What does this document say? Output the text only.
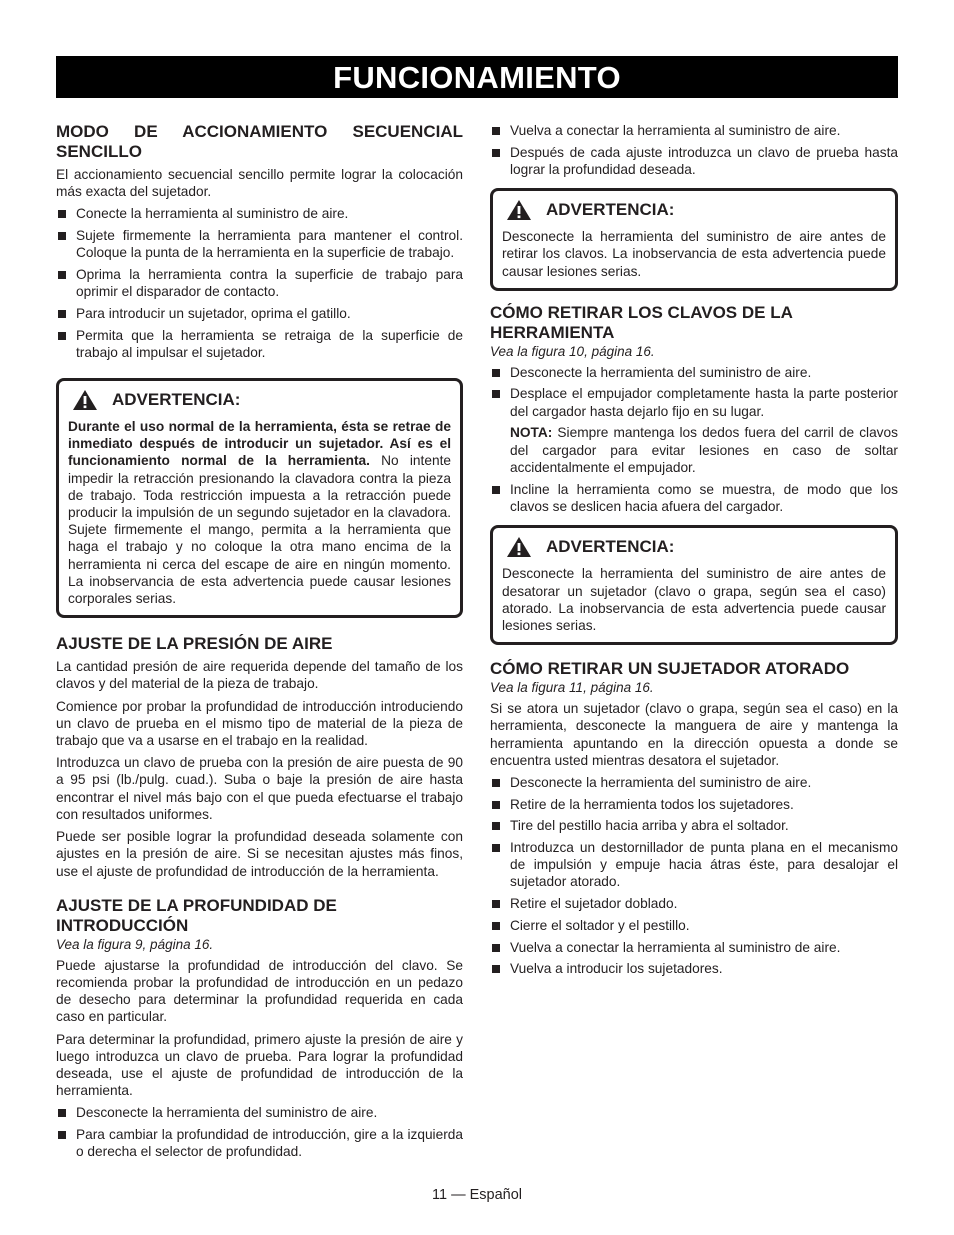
FUNCIONAMIENTO
MODO DE ACCIONAMIENTO SECUENCIAL SENCILLO

El accionamiento secuencial sencillo permite lograr la colocación más exacta del sujetador.

Conecte la herramienta al suministro de aire.
Sujete firmemente la herramienta para mantener el control. Coloque la punta de la herramienta en la superficie de trabajo.
Oprima la herramienta contra la superficie de trabajo para oprimir el disparador de contacto.
Para introducir un sujetador, oprima el gatillo.
Permita que la herramienta se retraiga de la superficie de trabajo al impulsar el sujetador.
ADVERTENCIA:

Durante el uso normal de la herramienta, ésta se retrae de inmediato después de introducir un sujetador. Así es el funcionamiento normal de la herramienta. No intente impedir la retracción presionando la clavadora contra la pieza de trabajo. Toda restricción impuesta a la retracción puede producir la impulsión de un segundo sujetador en la clavadora. Sujete firmemente el mango, permita a la herramienta que haga el trabajo y no coloque la otra mano encima de la herramienta ni cerca del escape de aire en ningún momento. La inobservancia de esta advertencia puede causar lesiones corporales serias.

AJUSTE DE LA PRESIÓN DE AIRE

La cantidad presión de aire requerida depende del tamaño de los clavos y del material de la pieza de trabajo.

Comience por probar la profundidad de introducción introduciendo un clavo de prueba en el mismo tipo de material de la pieza de trabajo que va a usarse en el trabajo en la realidad.

Introduzca un clavo de prueba con la presión de aire puesta de 90 a 95 psi (lb./pulg. cuad.). Suba o baje la presión de aire hasta encontrar el nivel más bajo con el que pueda efectuarse el trabajo con resultados uniformes.

Puede ser posible lograr la profundidad deseada solamente con ajustes en la presión de aire. Si se necesitan ajustes más finos, use el ajuste de profundidad de introducción de la herramienta.

AJUSTE DE LA PROFUNDIDAD DE INTRODUCCIÓN
Vea la figura 9, página 16.

Puede ajustarse la profundidad de introducción del clavo. Se recomienda probar la profundidad de introducción en un pedazo de desecho para determinar la profundidad requerida en cada caso en particular.

Para determinar la profundidad, primero ajuste la presión de aire y luego introduzca un clavo de prueba. Para lograr la profundidad deseada, use el ajuste de profundidad de introducción de la herramienta.

Desconecte la herramienta del suministro de aire.
Para cambiar la profundidad de introducción, gire a la izquierda o derecha el selector de profundidad.
Vuelva a conectar la herramienta al suministro de aire.
Después de cada ajuste introduzca un clavo de prueba hasta lograr la profundidad deseada.
ADVERTENCIA:

Desconecte la herramienta del suministro de aire antes de retirar los clavos. La inobservancia de esta advertencia puede causar lesiones serias.

CÓMO RETIRAR LOS CLAVOS DE LA HERRAMIENTA
Vea la figura 10, página 16.
Desconecte la herramienta del suministro de aire.
Desplace el empujador completamente hasta la parte posterior del cargador hasta dejarlo fijo en su lugar.
NOTA: Siempre mantenga los dedos fuera del carril de clavos del cargador para evitar lesiones en caso de soltar accidentalmente el empujador.
Incline la herramienta como se muestra, de modo que los clavos se deslicen hacia afuera del cargador.
ADVERTENCIA:

Desconecte la herramienta del suministro de aire antes de desatorar un sujetador (clavo o grapa, según sea el caso) atorado. La inobservancia de esta advertencia puede causar lesiones serias.

CÓMO RETIRAR UN SUJETADOR ATORADO
Vea la figura 11, página 16.

Si se atora un sujetador (clavo o grapa, según sea el caso) en la herramienta, desconecte la manguera de aire y mantenga la herramienta apuntando en la dirección opuesta a donde se encuentra usted mientras desatora el sujetador.

Desconecte la herramienta del suministro de aire.
Retire de la herramienta todos los sujetadores.
Tire del pestillo hacia arriba y abra el soltador.
Introduzca un destornillador de punta plana en el mecanismo de impulsión y empuje hacia átras éste, para desalojar el sujetador atorado.
Retire el sujetador doblado.
Cierre el soltador y el pestillo.
Vuelva a conectar la herramienta al suministro de aire.
Vuelva a introducir los sujetadores.
11 — Español
